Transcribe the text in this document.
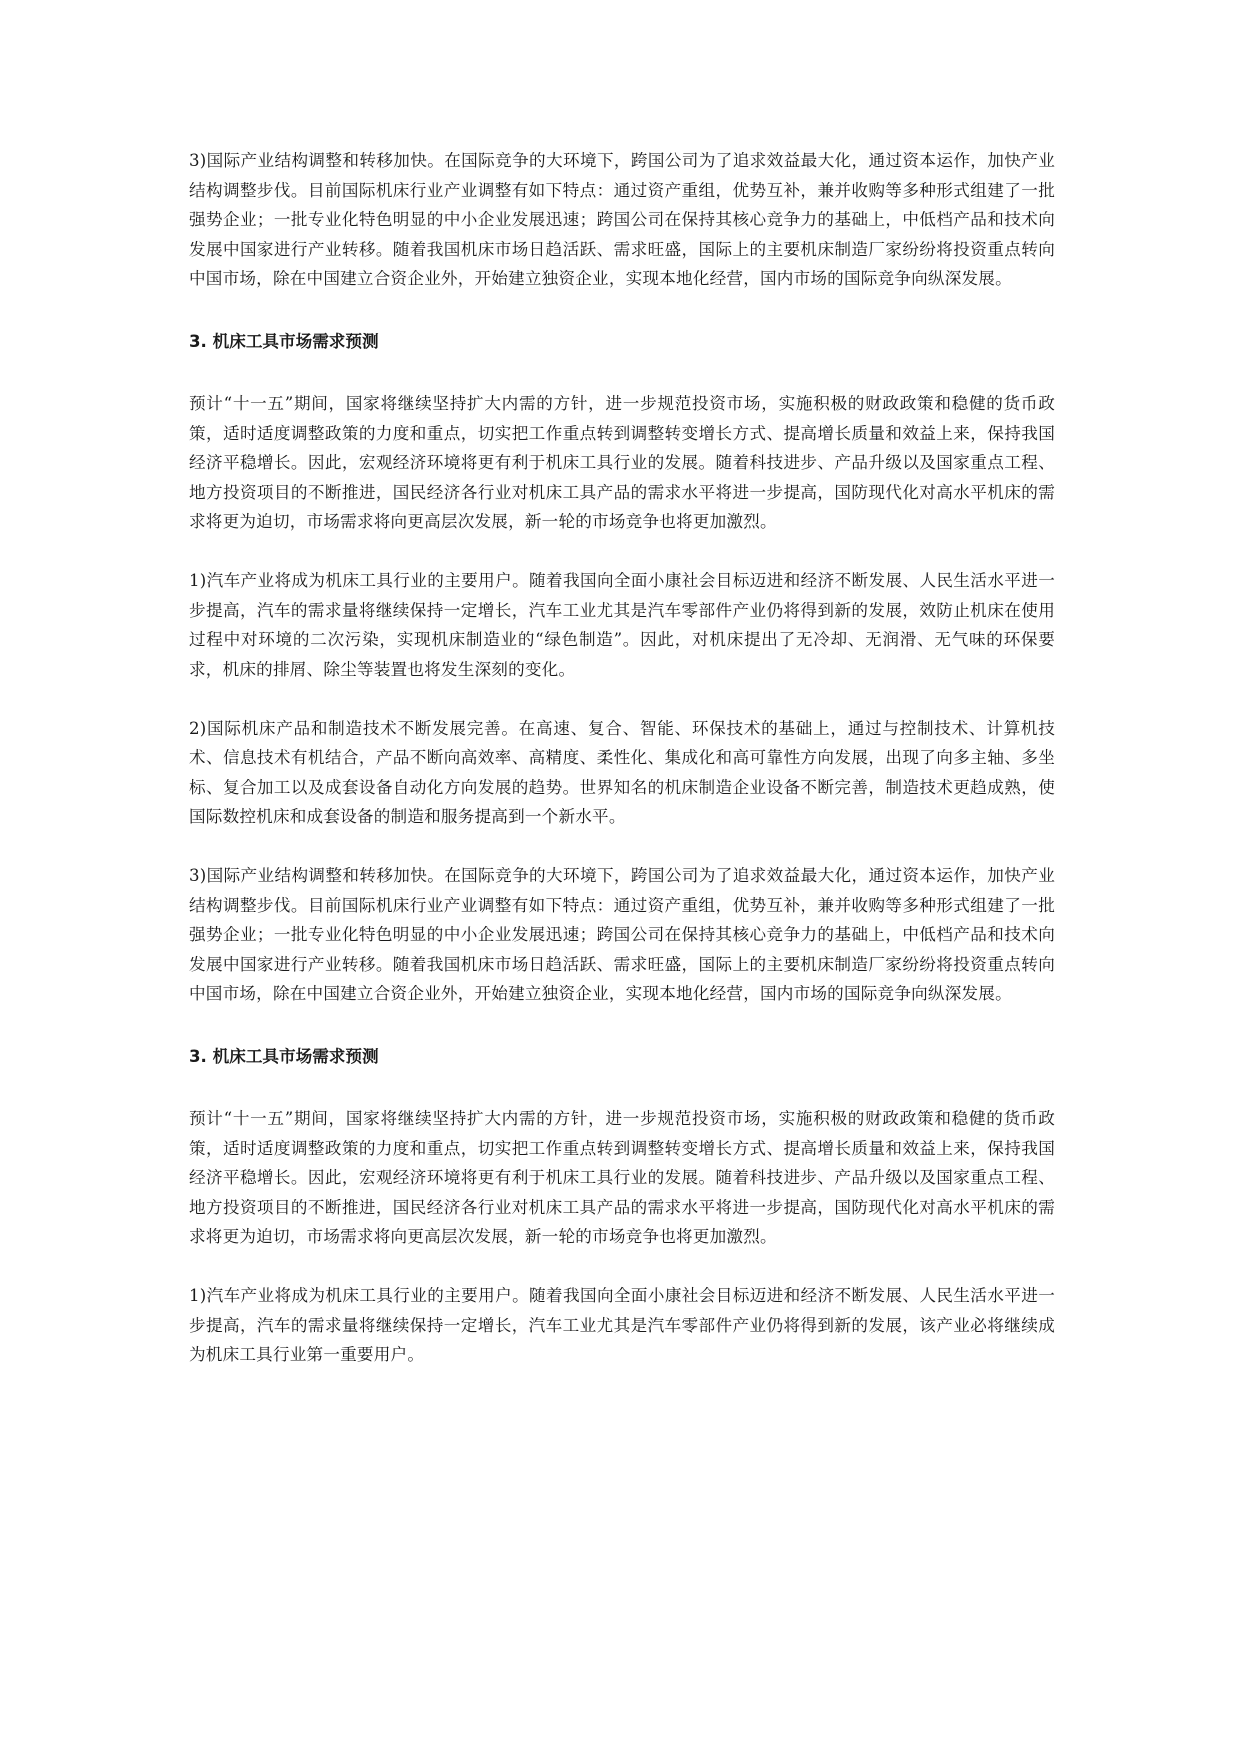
3)国际产业结构调整和转移加快。在国际竞争的大环境下，跨国公司为了追求效益最大化，通过资本运作，加快产业结构调整步伐。目前国际机床行业产业调整有如下特点：通过资产重组，优势互补，兼并收购等多种形式组建了一批强势企业；一批专业化特色明显的中小企业发展迅速；跨国公司在保持其核心竞争力的基础上，中低档产品和技术向发展中国家进行产业转移。随着我国机床市场日趋活跃、需求旺盛，国际上的主要机床制造厂家纷纷将投资重点转向中国市场，除在中国建立合资企业外，开始建立独资企业，实现本地化经营，国内市场的国际竞争向纵深发展。

3. 机床工具市场需求预测

预计“十一五”期间，国家将继续坚持扩大内需的方针，进一步规范投资市场，实施积极的财政政策和稳健的货币政策，适时适度调整政策的力度和重点，切实把工作重点转到调整转变增长方式、提高增长质量和效益上来，保持我国经济平稳增长。因此，宏观经济环境将更有利于机床工具行业的发展。随着科技进步、产品升级以及国家重点工程、地方投资项目的不断推进，国民经济各行业对机床工具产品的需求水平将进一步提高，国防现代化对高水平机床的需求将更为迫切，市场需求将向更高层次发展，新一轮的市场竞争也将更加激烈。

1)汽车产业将成为机床工具行业的主要用户。随着我国向全面小康社会目标迈进和经济不断发展、人民生活水平进一步提高，汽车的需求量将继续保持一定增长，汽车工业尤其是汽车零部件产业仍将得到新的发展，效防止机床在使用过程中对环境的二次污染，实现机床制造业的“绿色制造”。因此，对机床提出了无冷却、无润滑、无气味的环保要求，机床的排屑、除尘等装置也将发生深刻的变化。

2)国际机床产品和制造技术不断发展完善。在高速、复合、智能、环保技术的基础上，通过与控制技术、计算机技术、信息技术有机结合，产品不断向高效率、高精度、柔性化、集成化和高可靠性方向发展，出现了向多主轴、多坐标、复合加工以及成套设备自动化方向发展的趋势。世界知名的机床制造企业设备不断完善，制造技术更趋成熟，使国际数控机床和成套设备的制造和服务提高到一个新水平。

3)国际产业结构调整和转移加快。在国际竞争的大环境下，跨国公司为了追求效益最大化，通过资本运作，加快产业结构调整步伐。目前国际机床行业产业调整有如下特点：通过资产重组，优势互补，兼并收购等多种形式组建了一批强势企业；一批专业化特色明显的中小企业发展迅速；跨国公司在保持其核心竞争力的基础上，中低档产品和技术向发展中国家进行产业转移。随着我国机床市场日趋活跃、需求旺盛，国际上的主要机床制造厂家纷纷将投资重点转向中国市场，除在中国建立合资企业外，开始建立独资企业，实现本地化经营，国内市场的国际竞争向纵深发展。

3. 机床工具市场需求预测

预计“十一五”期间，国家将继续坚持扩大内需的方针，进一步规范投资市场，实施积极的财政政策和稳健的货币政策，适时适度调整政策的力度和重点，切实把工作重点转到调整转变增长方式、提高增长质量和效益上来，保持我国经济平稳增长。因此，宏观经济环境将更有利于机床工具行业的发展。随着科技进步、产品升级以及国家重点工程、地方投资项目的不断推进，国民经济各行业对机床工具产品的需求水平将进一步提高，国防现代化对高水平机床的需求将更为迫切，市场需求将向更高层次发展，新一轮的市场竞争也将更加激烈。

1)汽车产业将成为机床工具行业的主要用户。随着我国向全面小康社会目标迈进和经济不断发展、人民生活水平进一步提高，汽车的需求量将继续保持一定增长，汽车工业尤其是汽车零部件产业仍将得到新的发展，该产业必将继续成为机床工具行业第一重要用户。
